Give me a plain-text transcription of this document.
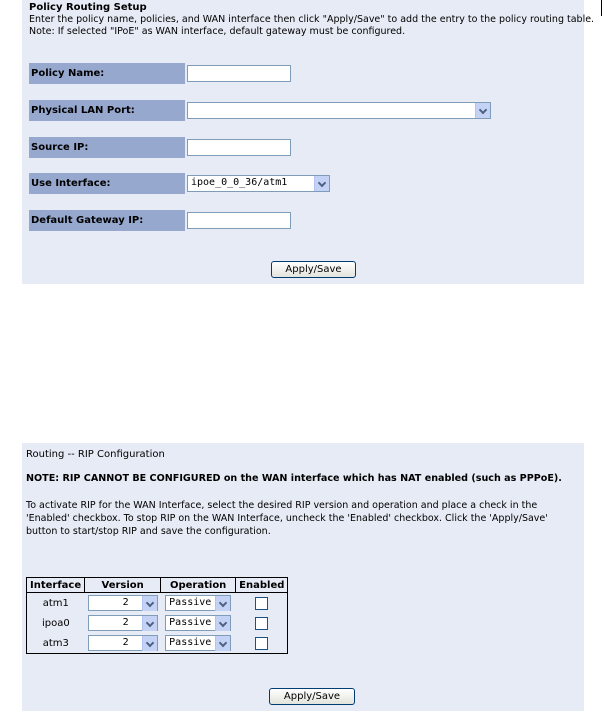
Policy Routing Setup
Enter the policy name, policies, and WAN interface then click "Apply/Save" to add the entry to the policy routing table.
Note: If selected "IPoE" as WAN interface, default gateway must be configured.
Policy Name:
Physical LAN Port:
Source IP:
Use Interface:	ipoe_0_0_36/atm1
Default Gateway IP:
Apply/Save
Routing -- RIP Configuration
NOTE: RIP CANNOT BE CONFIGURED on the WAN interface which has NAT enabled (such as PPPoE).
To activate RIP for the WAN Interface, select the desired RIP version and operation and place a check in the 'Enabled' checkbox. To stop RIP on the WAN Interface, uncheck the 'Enabled' checkbox. Click the 'Apply/Save' button to start/stop RIP and save the configuration.
Interface	Version	Operation	Enabled
atm1	2	Passive	

ipoa0	2	Passive	

atm3	2	Passive	

Apply/Save
